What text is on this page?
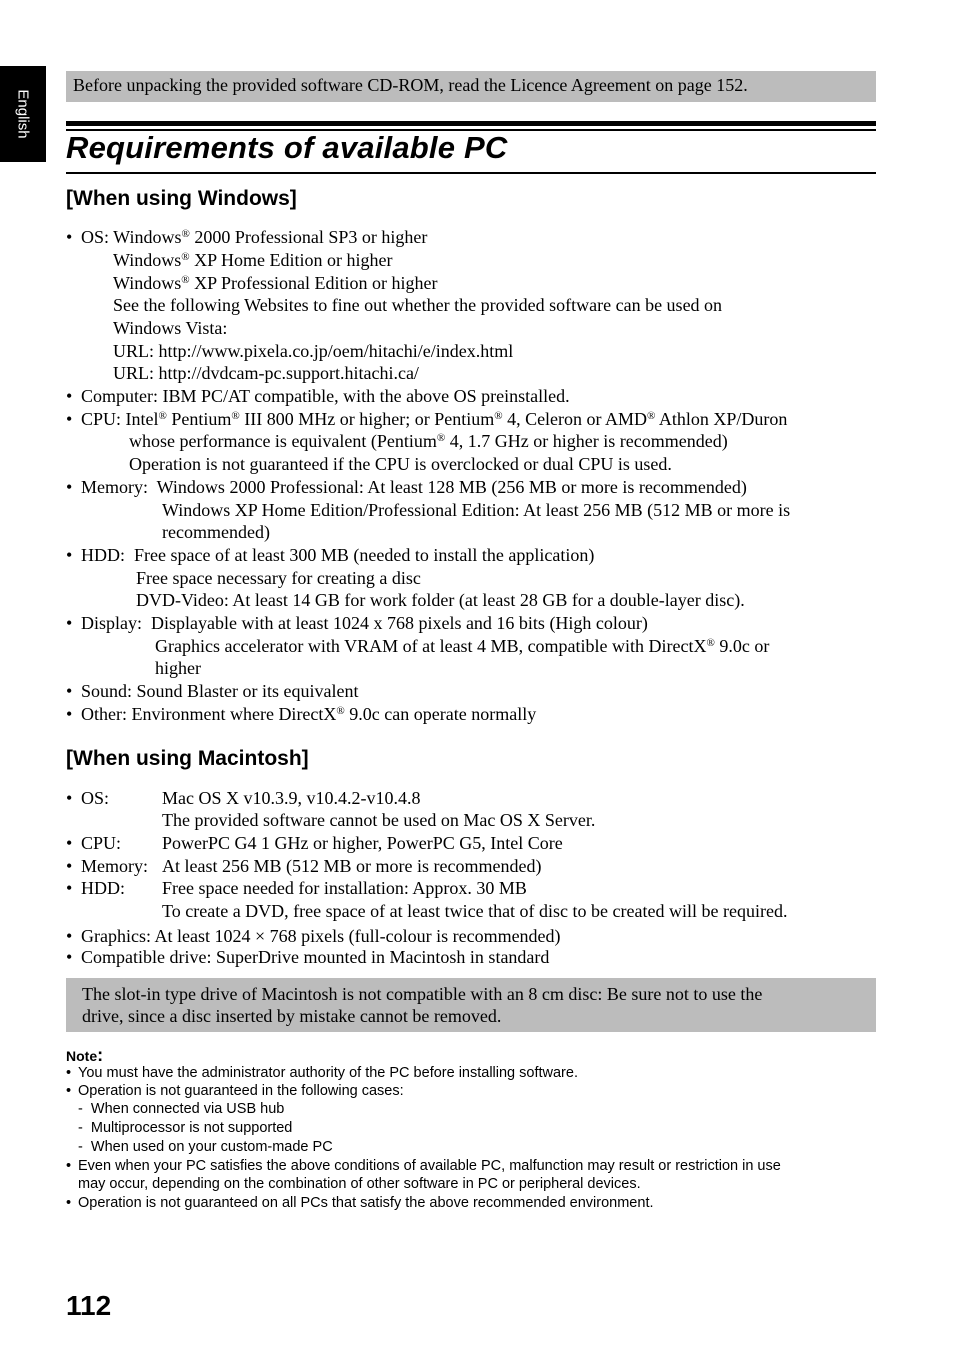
English
Before unpacking the provided software CD-ROM, read the Licence Agreement on page 152.
Requirements of available PC
[When using Windows]
• OS: Windows® 2000 Professional SP3 or higher
Windows® XP Home Edition or higher
Windows® XP Professional Edition or higher
See the following Websites to fine out whether the provided software can be used on
Windows Vista:
URL: http://www.pixela.co.jp/oem/hitachi/e/index.html
URL: http://dvdcam-pc.support.hitachi.ca/
• Computer: IBM PC/AT compatible, with the above OS preinstalled.
• CPU: Intel® Pentium® III 800 MHz or higher; or Pentium® 4, Celeron or AMD® Athlon XP/Duron
whose performance is equivalent (Pentium® 4, 1.7 GHz or higher is recommended)
Operation is not guaranteed if the CPU is overclocked or dual CPU is used.
• Memory:  Windows 2000 Professional: At least 128 MB (256 MB or more is recommended)
Windows XP Home Edition/Professional Edition: At least 256 MB (512 MB or more is
recommended)
• HDD:  Free space of at least 300 MB (needed to install the application)
Free space necessary for creating a disc
DVD-Video: At least 14 GB for work folder (at least 28 GB for a double-layer disc).
• Display:  Displayable with at least 1024 x 768 pixels and 16 bits (High colour)
Graphics accelerator with VRAM of at least 4 MB, compatible with DirectX® 9.0c or
higher
• Sound: Sound Blaster or its equivalent
• Other: Environment where DirectX® 9.0c can operate normally
[When using Macintosh]
• OS:	Mac OS X v10.3.9, v10.4.2-v10.4.8
The provided software cannot be used on Mac OS X Server.
• CPU: PowerPC G4 1 GHz or higher, PowerPC G5, Intel Core
• Memory: At least 256 MB (512 MB or more is recommended)
• HDD: Free space needed for installation: Approx. 30 MB
To create a DVD, free space of at least twice that of disc to be created will be required.
• Graphics: At least 1024 × 768 pixels (full-colour is recommended)
• Compatible drive: SuperDrive mounted in Macintosh in standard
The slot-in type drive of Macintosh is not compatible with an 8 cm disc: Be sure not to use the
drive, since a disc inserted by mistake cannot be removed.
Note:
• You must have the administrator authority of the PC before installing software.
• Operation is not guaranteed in the following cases:
-  When connected via USB hub
-  Multiprocessor is not supported
-  When used on your custom-made PC
• Even when your PC satisfies the above conditions of available PC, malfunction may result or restriction in use
may occur, depending on the combination of other software in PC or peripheral devices.
• Operation is not guaranteed on all PCs that satisfy the above recommended environment.
112
